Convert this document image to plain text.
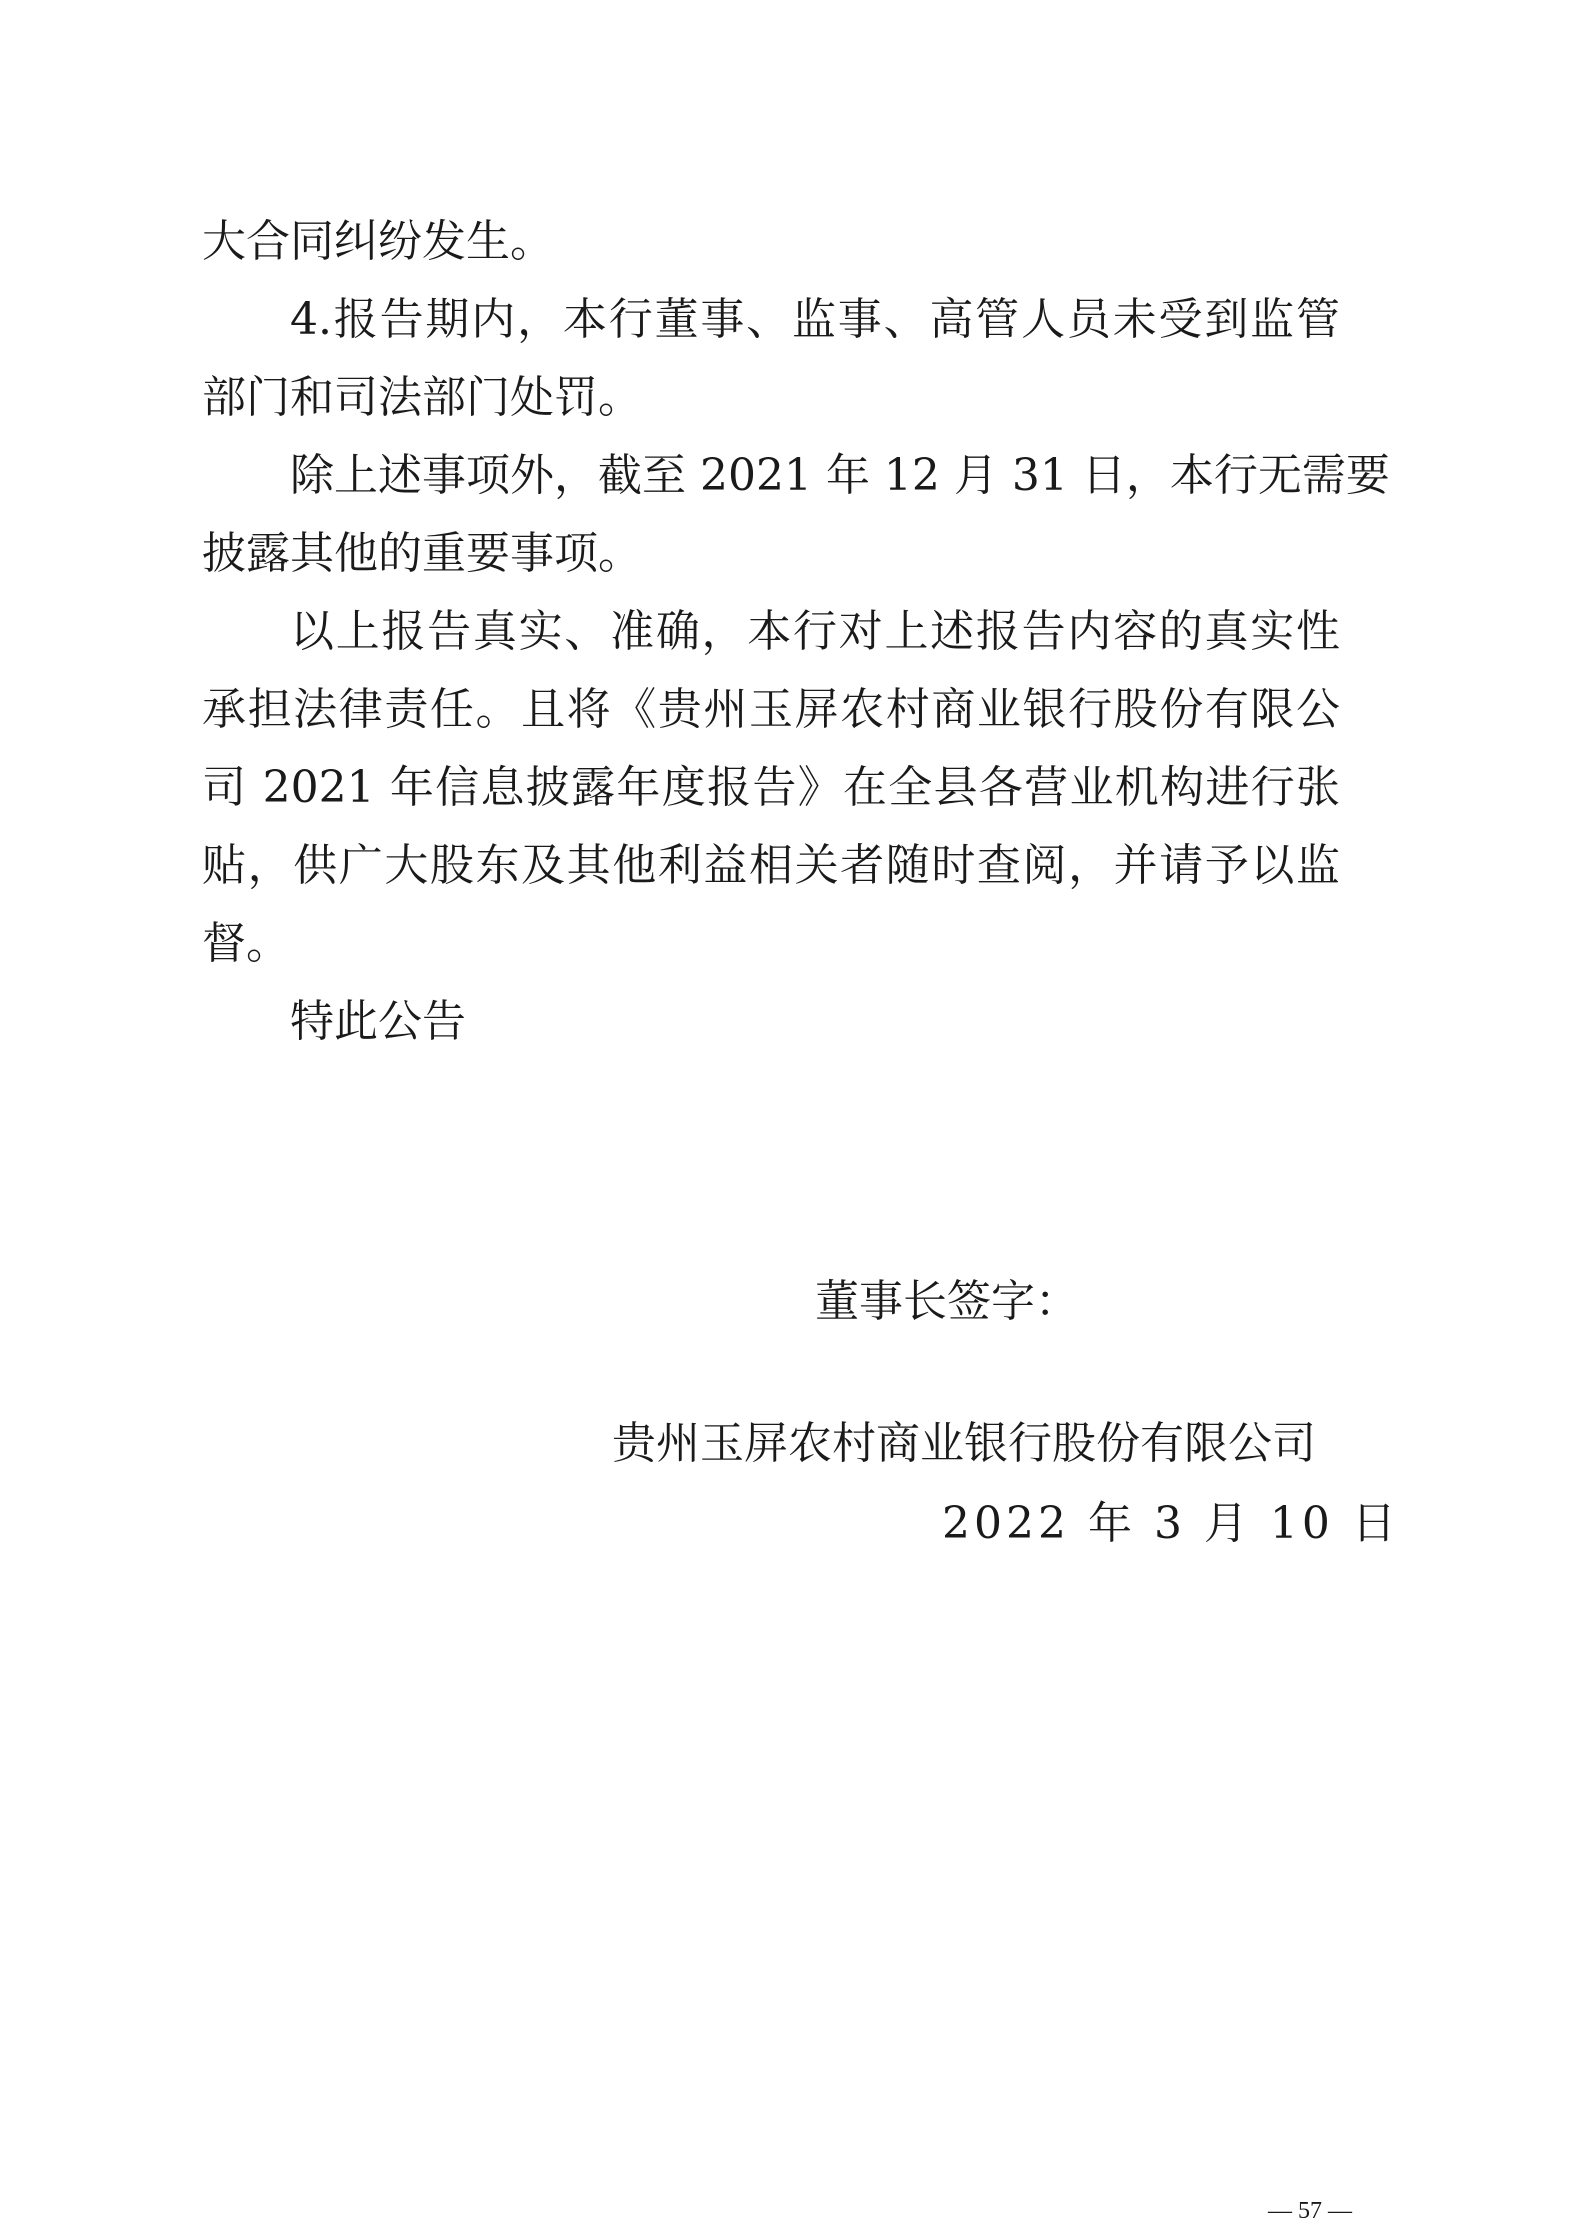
大合同纠纷发生。
4.报告期内，本行董事、监事、高管人员未受到监管
部门和司法部门处罚。
除上述事项外，截至 2021 年 12 月 31 日，本行无需要
披露其他的重要事项。
以上报告真实、准确，本行对上述报告内容的真实性
承担法律责任。且将《贵州玉屏农村商业银行股份有限公
司 2021 年信息披露年度报告》在全县各营业机构进行张
贴，供广大股东及其他利益相关者随时查阅，并请予以监
督。
特此公告
董事长签字：
贵州玉屏农村商业银行股份有限公司
2022 年 3 月 10 日
— 57 —
